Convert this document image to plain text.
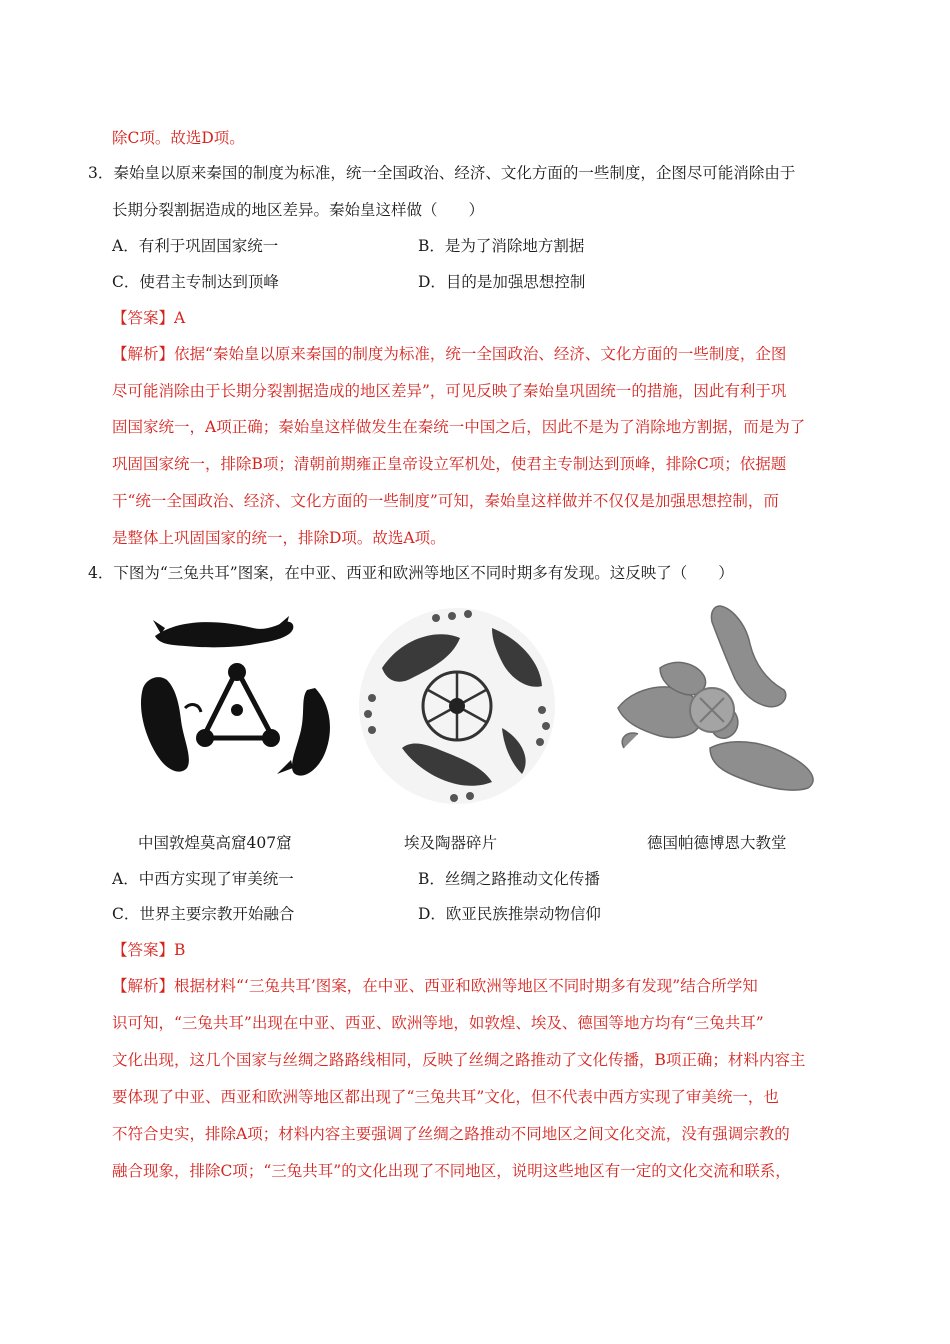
除C项。故选D项。
3．秦始皇以原来秦国的制度为标准，统一全国政治、经济、文化方面的一些制度，企图尽可能消除由于
长期分裂割据造成的地区差异。秦始皇这样做（　　）
A．有利于巩固国家统一	B．是为了消除地方割据
C．使君主专制达到顶峰	D．目的是加强思想控制
【答案】A
【解析】依据“秦始皇以原来秦国的制度为标准，统一全国政治、经济、文化方面的一些制度，企图
尽可能消除由于长期分裂割据造成的地区差异”，可见反映了秦始皇巩固统一的措施，因此有利于巩
固国家统一，A项正确；秦始皇这样做发生在秦统一中国之后，因此不是为了消除地方割据，而是为了
巩固国家统一，排除B项；清朝前期雍正皇帝设立军机处，使君主专制达到顶峰，排除C项；依据题
干“统一全国政治、经济、文化方面的一些制度”可知，秦始皇这样做并不仅仅是加强思想控制，而
是整体上巩固国家的统一，排除D项。故选A项。
4．下图为“三兔共耳”图案，在中亚、西亚和欧洲等地区不同时期多有发现。这反映了（　　）
中国敦煌莫高窟407窟	埃及陶器碎片	德国帕德博恩大教堂
A．中西方实现了审美统一	B．丝绸之路推动文化传播
C．世界主要宗教开始融合	D．欧亚民族推崇动物信仰
【答案】B
【解析】根据材料“‘三兔共耳’图案，在中亚、西亚和欧洲等地区不同时期多有发现”结合所学知
识可知，“三兔共耳”出现在中亚、西亚、欧洲等地，如敦煌、埃及、德国等地方均有“三兔共耳”
文化出现，这几个国家与丝绸之路路线相同，反映了丝绸之路推动了文化传播，B项正确；材料内容主
要体现了中亚、西亚和欧洲等地区都出现了“三兔共耳”文化，但不代表中西方实现了审美统一，也
不符合史实，排除A项；材料内容主要强调了丝绸之路推动不同地区之间文化交流，没有强调宗教的
融合现象，排除C项；“三兔共耳”的文化出现了不同地区，说明这些地区有一定的文化交流和联系，
